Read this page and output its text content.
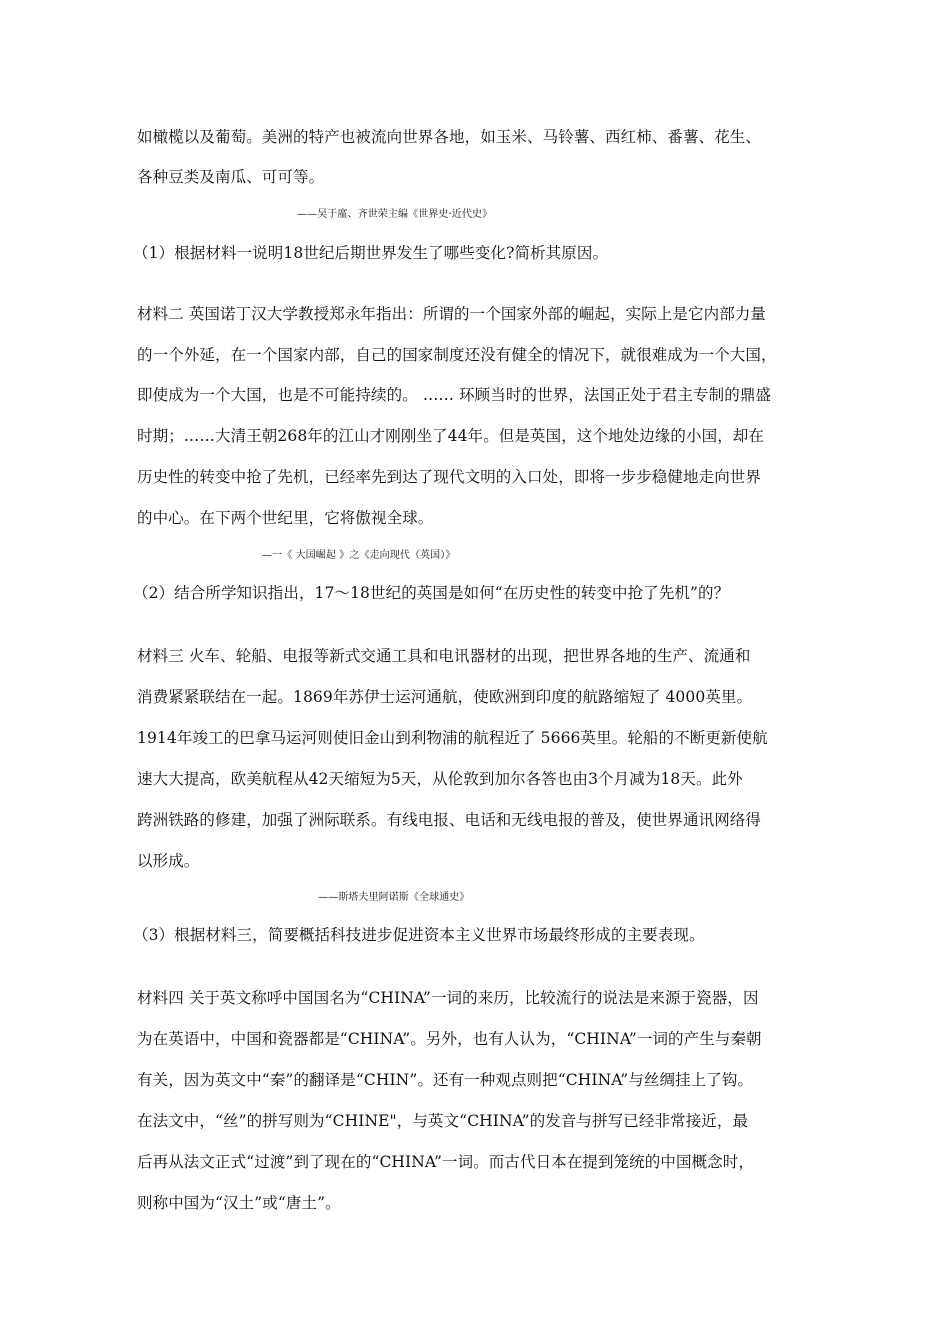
如橄榄以及葡萄。美洲的特产也被流向世界各地，如玉米、马铃薯、西红柿、番薯、花生、
各种豆类及南瓜、可可等。
——吴于廑、齐世荣主编《世界史·近代史》
（1）根据材料一说明18世纪后期世界发生了哪些变化?简析其原因。
材料二 英国诺丁汉大学教授郑永年指出：所谓的一个国家外部的崛起，实际上是它内部力量
的一个外延，在一个国家内部，自己的国家制度还没有健全的情况下，就很难成为一个大国，
即使成为一个大国，也是不可能持续的。 …… 环顾当时的世界，法国正处于君主专制的鼎盛
时期；……大清王朝268年的江山才刚刚坐了44年。但是英国，这个地处边缘的小国，却在
历史性的转变中抢了先机，已经率先到达了现代文明的入口处，即将一步步稳健地走向世界
的中心。在下两个世纪里，它将傲视全球。
—一《 大国崛起 》之《走向现代（英国）》
（2）结合所学知识指出，17～18世纪的英国是如何“在历史性的转变中抢了先机”的？
材料三 火车、轮船、电报等新式交通工具和电讯器材的出现，把世界各地的生产、流通和
消费紧紧联结在一起。1869年苏伊士运河通航，使欧洲到印度的航路缩短了 4000英里。
1914年竣工的巴拿马运河则使旧金山到利物浦的航程近了 5666英里。轮船的不断更新使航
速大大提高，欧美航程从42天缩短为5天，从伦敦到加尔各答也由3个月减为18天。此外
跨洲铁路的修建，加强了洲际联系。有线电报、电话和无线电报的普及，使世界通讯网络得
以形成。
——斯塔夫里阿诺斯《全球通史》
（3）根据材料三，简要概括科技进步促进资本主义世界市场最终形成的主要表现。
材料四 关于英文称呼中国国名为“CHINA”一词的来历，比较流行的说法是来源于瓷器，因
为在英语中，中国和瓷器都是“CHINA”。另外，也有人认为，“CHINA”一词的产生与秦朝
有关，因为英文中“秦”的翻译是“CHIN”。还有一种观点则把“CHINA”与丝绸挂上了钩。
在法文中，“丝”的拼写则为“CHINE"，与英文“CHINA”的发音与拼写已经非常接近，最
后再从法文正式“过渡”到了现在的“CHINA”一词。而古代日本在提到笼统的中国概念时，
则称中国为“汉土”或“唐土”。
